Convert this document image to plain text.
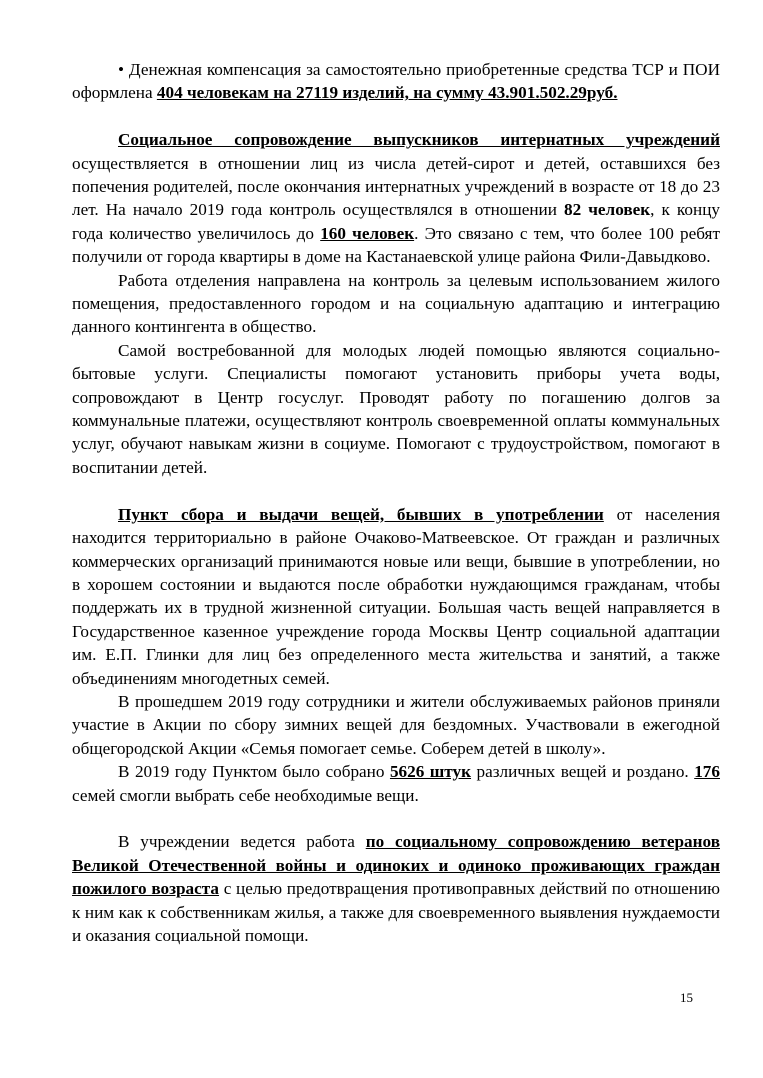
• Денежная компенсация за самостоятельно приобретенные средства ТСР и ПОИ оформлена 404 человекам на 27119 изделий, на сумму 43.901.502.29руб.

Социальное сопровождение выпускников интернатных учреждений осуществляется в отношении лиц из числа детей-сирот и детей, оставшихся без попечения родителей, после окончания интернатных учреждений в возрасте от 18 до 23 лет. На начало 2019 года контроль осуществлялся в отношении 82 человек, к концу года количество увеличилось до 160 человек. Это связано с тем, что более 100 ребят получили от города квартиры в доме на Кастанаевской улице района Фили-Давыдково.

Работа отделения направлена на контроль за целевым использованием жилого помещения, предоставленного городом и на социальную адаптацию и интеграцию данного контингента в общество.

Самой востребованной для молодых людей помощью являются социально-бытовые услуги. Специалисты помогают установить приборы учета воды, сопровождают в Центр госуслуг. Проводят работу по погашению долгов за коммунальные платежи, осуществляют контроль своевременной оплаты коммунальных услуг, обучают навыкам жизни в социуме. Помогают с трудоустройством, помогают в воспитании детей.

Пункт сбора и выдачи вещей, бывших в употреблении от населения находится территориально в районе Очаково-Матвеевское. От граждан и различных коммерческих организаций принимаются новые или вещи, бывшие в употреблении, но в хорошем состоянии и выдаются после обработки нуждающимся гражданам, чтобы поддержать их в трудной жизненной ситуации. Большая часть вещей направляется в Государственное казенное учреждение города Москвы Центр социальной адаптации им. Е.П. Глинки для лиц без определенного места жительства и занятий, а также объединениям многодетных семей.

В прошедшем 2019 году сотрудники и жители обслуживаемых районов приняли участие в Акции по сбору зимних вещей для бездомных. Участвовали в ежегодной общегородской Акции «Семья помогает семье. Соберем детей в школу».

В 2019 году Пунктом было собрано 5626 штук различных вещей и роздано. 176 семей смогли выбрать себе необходимые вещи.

В учреждении ведется работа по социальному сопровождению ветеранов Великой Отечественной войны и одиноких и одиноко проживающих граждан пожилого возраста с целью предотвращения противоправных действий по отношению к ним как к собственникам жилья, а также для своевременного выявления нуждаемости и оказания социальной помощи.

15
